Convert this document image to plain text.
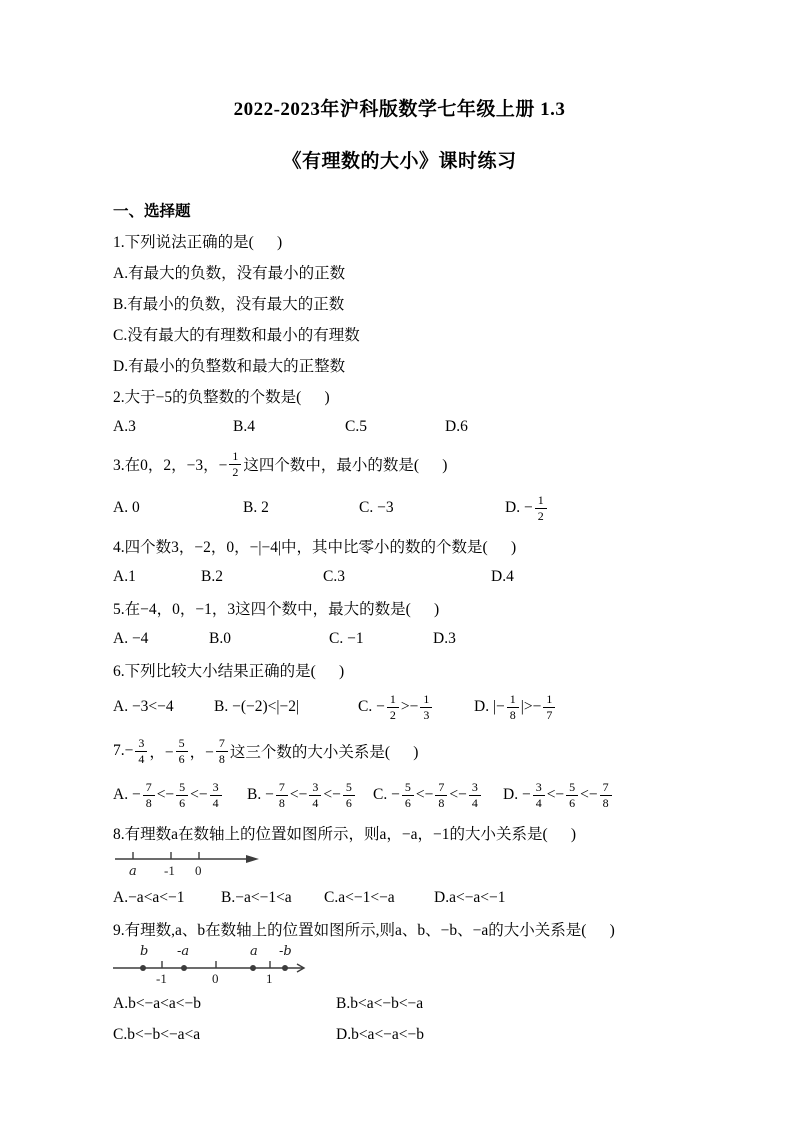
2022-2023年沪科版数学七年级上册 1.3
《有理数的大小》课时练习
一、选择题
1.下列说法正确的是(      )
A.有最大的负数，没有最小的正数
B.有最小的负数，没有最大的正数
C.没有最大的有理数和最小的有理数
D.有最小的负整数和最大的正整数
2.大于−5的负整数的个数是(      )
A.3	B.4	C.5	D.6
3.在0，2，−3，− $\frac{1}{2}$ 这四个数中，最小的数是(      )
A. 0	B. 2	C. −3	D. − $\frac{1}{2}$
4.四个数3，−2，0，−|−4|中，其中比零小的数的个数是(      )
A.1	B.2	C.3	D.4
5.在−4，0，−1，3这四个数中，最大的数是(      )
A. −4	B.0	C. −1	D.3
6.下列比较大小结果正确的是(      )
A. −3<−4	B. −(−2)<|−2|	C. − $\frac{1}{2} >- \frac{1}{3}$	D. |− $\frac{1}{8}$ |>− $\frac{1}{7}$
$7.- \frac{3}{4}$ ，− $\frac{5}{6}$ ，− $\frac{7}{8}$ 这三个数的大小关系是(      )
A. − $\frac{7}{8} <- \frac{5}{6} <- \frac{3}{4} B$. − $\frac{7}{8} <- \frac{3}{4} <- \frac{5}{6} C$. − $\frac{5}{6} <- \frac{7}{8} <- \frac{3}{4} D$. − $\frac{3}{4} <- \frac{5}{6} <- \frac{7}{8}$
8.有理数a在数轴上的位置如图所示，则a，−a，−1的大小关系是(      )
a -1 0
A.−a<a<−1	B.−a<−1<a	C.a<−1<−a	D.a<−a<−1
9.有理数,a、b在数轴上的位置如图所示,则a、b、−b、−a的大小关系是(      )
b -a	a -b
-1	0	1
A.b<−a<a<−b	B.b<a<−b<−a
C.b<−b<−a<a	D.b<a<−a<−b
